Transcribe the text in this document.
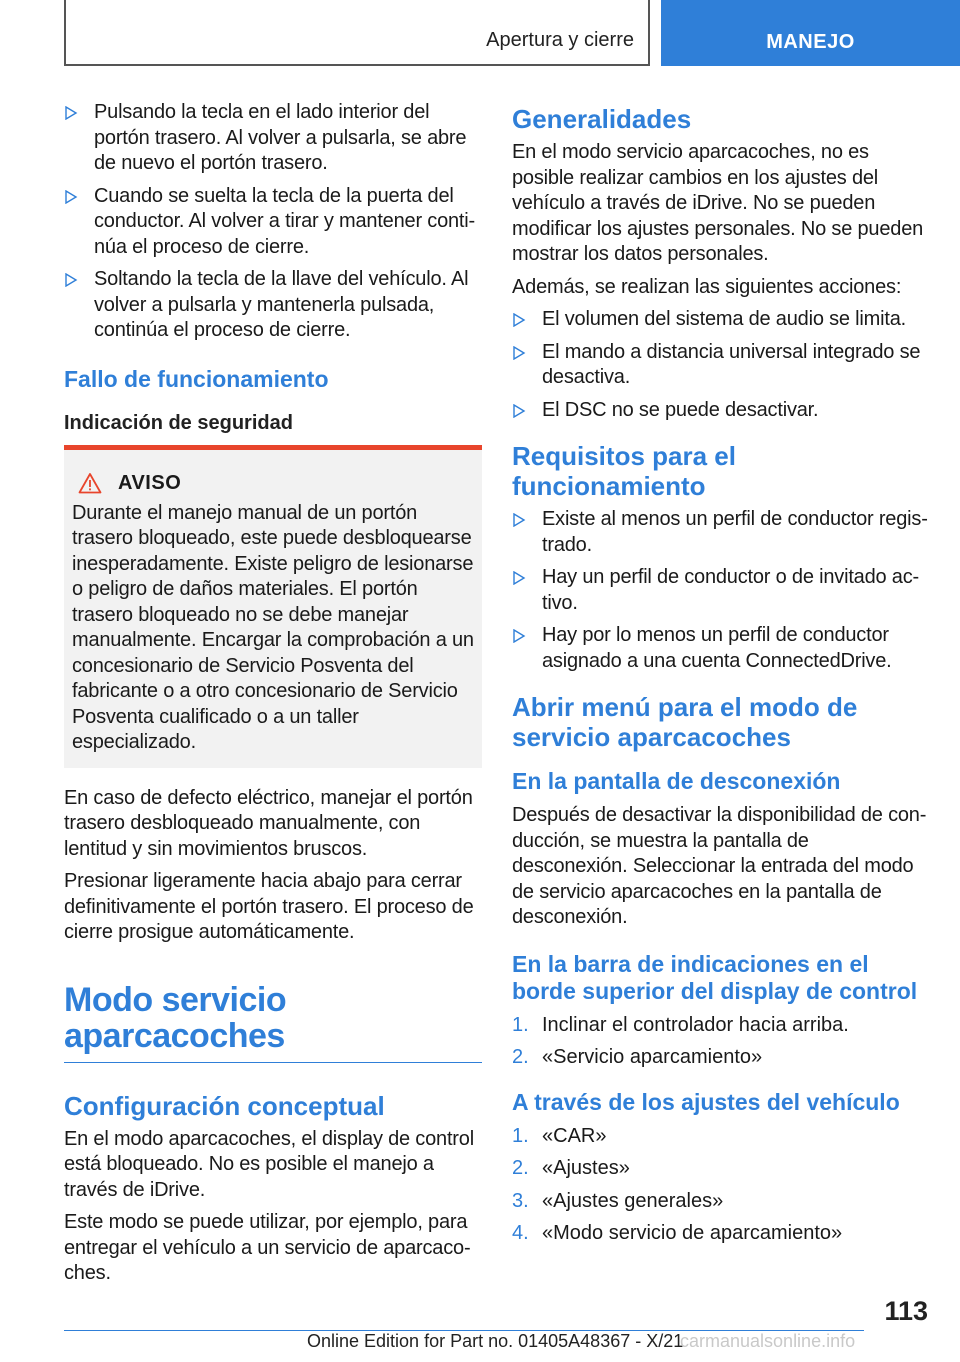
Apertura y cierre	MANEJO
Pulsando la tecla en el lado interior del portón trasero. Al volver a pulsarla, se abre de nuevo el portón trasero.
Cuando se suelta la tecla de la puerta del conductor. Al volver a tirar y mantener continúa el proceso de cierre.
Soltando la tecla de la llave del vehículo. Al volver a pulsarla y mantenerla pulsada, continúa el proceso de cierre.
Fallo de funcionamiento
Indicación de seguridad
AVISO

Durante el manejo manual de un portón trasero bloqueado, este puede desbloquearse inesperadamente. Existe peligro de lesionarse o peligro de daños materiales. El portón trasero bloqueado no se debe manejar manualmente. Encargar la comprobación a un concesionario de Servicio Posventa del fabricante o a otro concesionario de Servicio Posventa cualificado o a un taller especializado.

En caso de defecto eléctrico, manejar el portón trasero desbloqueado manualmente, con lentitud y sin movimientos bruscos.

Presionar ligeramente hacia abajo para cerrar definitivamente el portón trasero. El proceso de cierre prosigue automáticamente.

Modo servicio aparcacoches
Configuración conceptual

En el modo aparcacoches, el display de control está bloqueado. No es posible el manejo a través de iDrive.

Este modo se puede utilizar, por ejemplo, para entregar el vehículo a un servicio de aparcacoches.

Generalidades

En el modo servicio aparcacoches, no es posible realizar cambios en los ajustes del vehículo a través de iDrive. No se pueden modificar los ajustes personales. No se pueden mostrar los datos personales.

Además, se realizan las siguientes acciones:

El volumen del sistema de audio se limita.
El mando a distancia universal integrado se desactiva.
El DSC no se puede desactivar.
Requisitos para el funcionamiento
Existe al menos un perfil de conductor registrado.
Hay un perfil de conductor o de invitado activo.
Hay por lo menos un perfil de conductor asignado a una cuenta ConnectedDrive.
Abrir menú para el modo de servicio aparcacoches
En la pantalla de desconexión

Después de desactivar la disponibilidad de conducción, se muestra la pantalla de desconexión. Seleccionar la entrada del modo de servicio aparcacoches en la pantalla de desconexión.

En la barra de indicaciones en el borde superior del display de control
1. Inclinar el controlador hacia arriba.
2. «Servicio aparcamiento»
A través de los ajustes del vehículo
1. «CAR»
2. «Ajustes»
3. «Ajustes generales»
4. «Modo servicio de aparcamiento»
113
Online Edition for Part no. 01405A48367 - X/21
carmanualsonline.info
